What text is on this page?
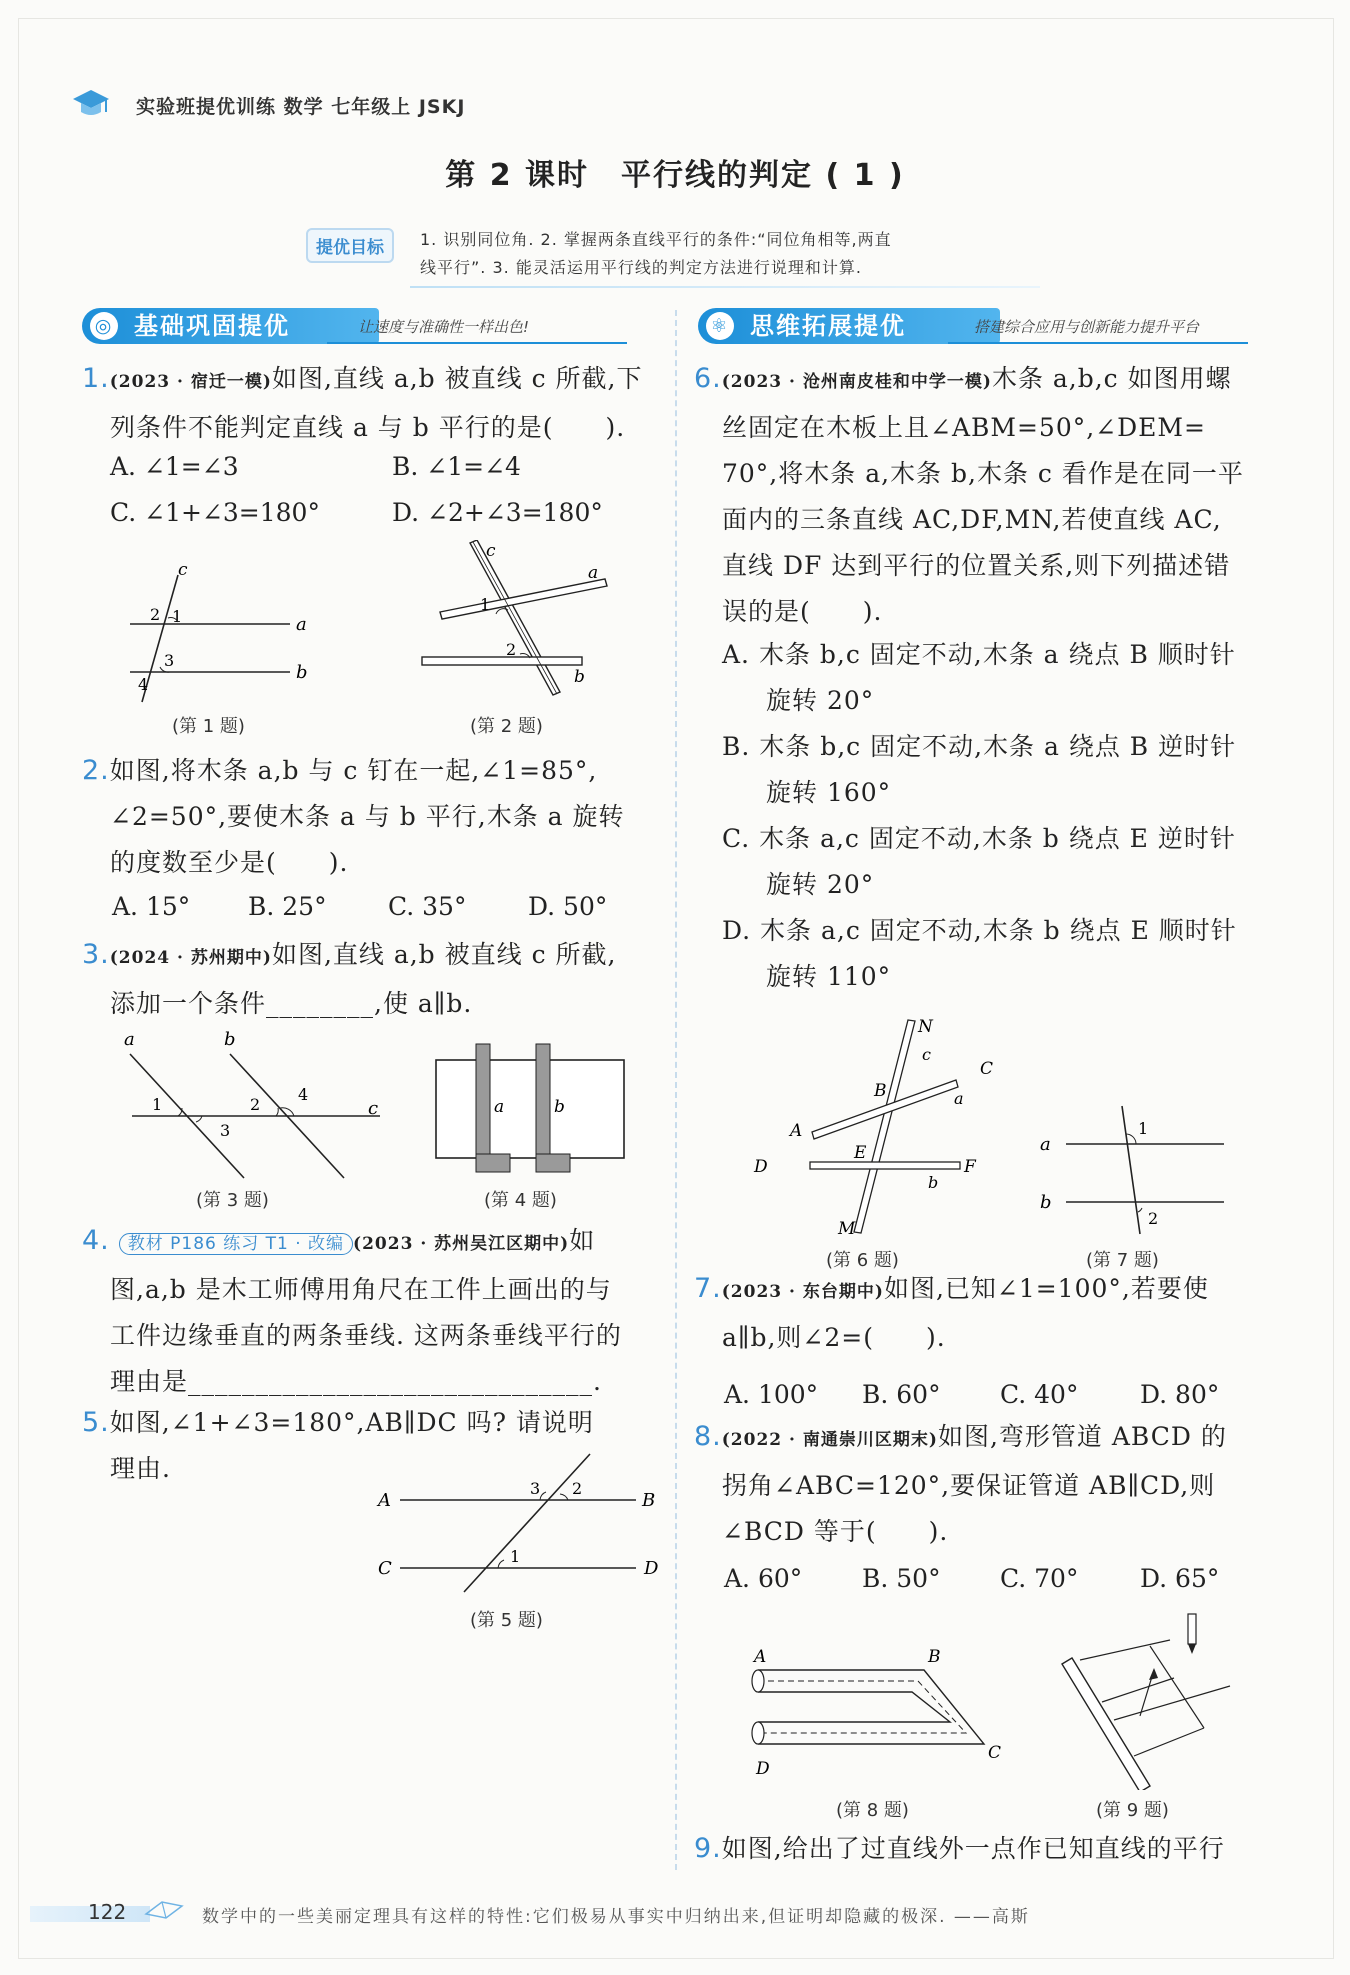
实验班提优训练 数学 七年级上 JSKJ
第 2 课时　平行线的判定 ( 1 )
提优目标	1. 识别同位角. 2. 掌握两条直线平行的条件:“同位角相等,两直
线平行”. 3. 能灵活运用平行线的判定方法进行说理和计算.
◎ 基础巩固提优	让速度与准确性一样出色!	⚛ 思维拓展提优	搭建综合应用与创新能力提升平台
1.(2023 · 宿迁一模)如图,直线 a,b 被直线 c 所截,下
列条件不能判定直线 a 与 b 平行的是(　　).
A. ∠1=∠3	B. ∠1=∠4
C. ∠1+∠3=180°	D. ∠2+∠3=180°
c
a
b
2 1
3
4
(第 1 题)
c
a
b
1
2
(第 2 题)
2.如图,将木条 a,b 与 c 钉在一起,∠1=85°,
∠2=50°,要使木条 a 与 b 平行,木条 a 旋转
的度数至少是(　　).
A. 15° B. 25° C. 35° D. 50°
3.(2024 · 苏州期中)如图,直线 a,b 被直线 c 所截,
添加一个条件________,使 a∥b.
a	b
c
1
3
2
4
(第 3 题)
a	b
(第 4 题)
4. 教材 P186 练习 T1 · 改编 (2023 · 苏州吴江区期中)如
图,a,b 是木工师傅用角尺在工件上画出的与
工件边缘垂直的两条垂线. 这两条垂线平行的
理由是______________________________.
5.如图,∠1+∠3=180°,AB∥DC 吗? 请说明
理由.
A	B
C	D
3 2
1
(第 5 题)
6.(2023 · 沧州南皮桂和中学一模)木条 a,b,c 如图用螺
丝固定在木板上且∠ABM=50°,∠DEM=
70°,将木条 a,木条 b,木条 c 看作是在同一平
面内的三条直线 AC,DF,MN,若使直线 AC,
直线 DF 达到平行的位置关系,则下列描述错
误的是(　　).
A. 木条 b,c 固定不动,木条 a 绕点 B 顺时针
旋转 20°
B. 木条 b,c 固定不动,木条 a 绕点 B 逆时针
旋转 160°
C. 木条 a,c 固定不动,木条 b 绕点 E 逆时针
旋转 20°
D. 木条 a,c 固定不动,木条 b 绕点 E 顺时针
旋转 110°
N
c
C
a
B
A
E
D	F
b
M
(第 6 题)
a
b
1
2
(第 7 题)
7.(2023 · 东台期中)如图,已知∠1=100°,若要使
a∥b,则∠2=(　　).
A. 100° B. 60° C. 40° D. 80°
8.(2022 · 南通崇川区期末)如图,弯形管道 ABCD 的
拐角∠ABC=120°,要保证管道 AB∥CD,则
∠BCD 等于(　　).
A. 60° B. 50° C. 70° D. 65°
A	B
C
D
(第 8 题)	(第 9 题)
9.如图,给出了过直线外一点作已知直线的平行
122	数学中的一些美丽定理具有这样的特性:它们极易从事实中归纳出来,但证明却隐藏的极深. ——高斯
